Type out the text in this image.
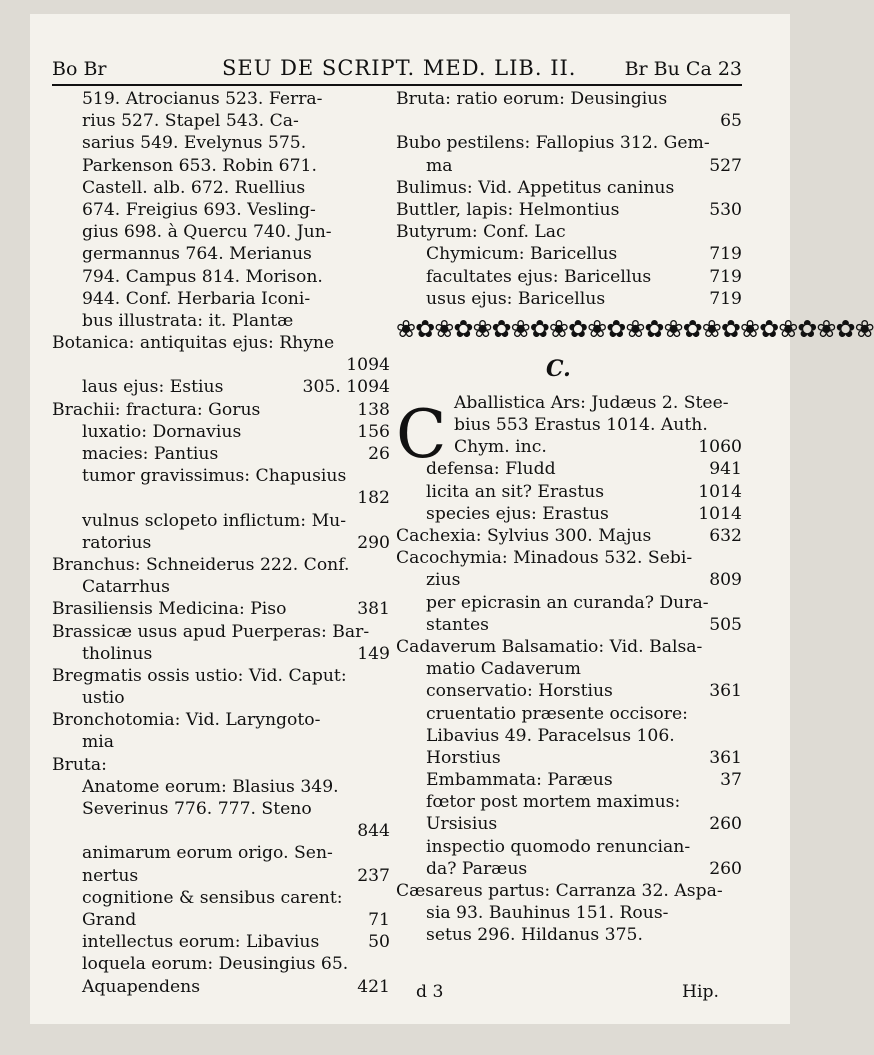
Bo Br	SEU DE SCRIPT. MED. LIB. II.	Br Bu Ca 23
519. Atrocianus 523. Ferra-
rius 527. Stapel 543. Ca-
sarius 549. Evelynus 575.
Parkenson 653. Robin 671.
Castell. alb. 672. Ruellius
674. Freigius 693. Vesling-
gius 698. à Quercu 740. Jun-
germannus 764. Merianus
794. Campus 814. Morison.
944. Conf. Herbaria Iconi-
bus illustrata: it. Plantæ
Botanica: antiquitas ejus: Rhyne
1094
laus ejus: Estius	305. 1094
Brachii: fractura: Gorus	138
luxatio: Dornavius	156
macies: Pantius	26
tumor gravissimus: Chapusius
182
vulnus sclopeto inflictum: Mu-
ratorius	290
Branchus: Schneiderus 222. Conf.
Catarrhus
Brasiliensis Medicina: Piso	381
Brassicæ usus apud Puerperas: Bar-
tholinus	149
Bregmatis ossis ustio: Vid. Caput:
ustio
Bronchotomia: Vid. Laryngoto-
mia
Bruta:
Anatome eorum: Blasius 349.
Severinus 776. 777. Steno
844
animarum eorum origo. Sen-
nertus	237
cognitione & sensibus carent:
Grand	71
intellectus eorum: Libavius	50
loquela eorum: Deusingius 65.
Aquapendens	421
Bruta: ratio eorum: Deusingius
65
Bubo pestilens: Fallopius 312. Gem-
ma	527
Bulimus: Vid. Appetitus caninus
Buttler, lapis: Helmontius	530
Butyrum: Conf. Lac
Chymicum: Baricellus	719
facultates ejus: Baricellus	719
usus ejus: Baricellus	719
❀✿❀✿❀✿❀✿❀✿❀✿❀✿❀✿❀✿❀✿❀✿❀✿❀
C.
C Aballistica Ars: Judæus 2. Stee-
bius 553 Erastus 1014. Auth.
Chym. inc.	1060
defensa: Fludd	941
licita an sit? Erastus	1014
species ejus: Erastus	1014
Cachexia: Sylvius 300. Majus	632
Cacochymia: Minadous 532. Sebi-
zius	809
per epicrasin an curanda? Dura-
stantes	505
Cadaverum Balsamatio: Vid. Balsa-
matio Cadaverum
conservatio: Horstius	361
cruentatio præsente occisore:
Libavius 49. Paracelsus 106.
Horstius	361
Embammata: Paræus	37
fœtor post mortem maximus:
Ursisius	260
inspectio quomodo renuncian-
da? Paræus	260
Cæsareus partus: Carranza 32. Aspa-
sia 93. Bauhinus 151. Rous-
setus 296. Hildanus 375.
d 3	Hip.
